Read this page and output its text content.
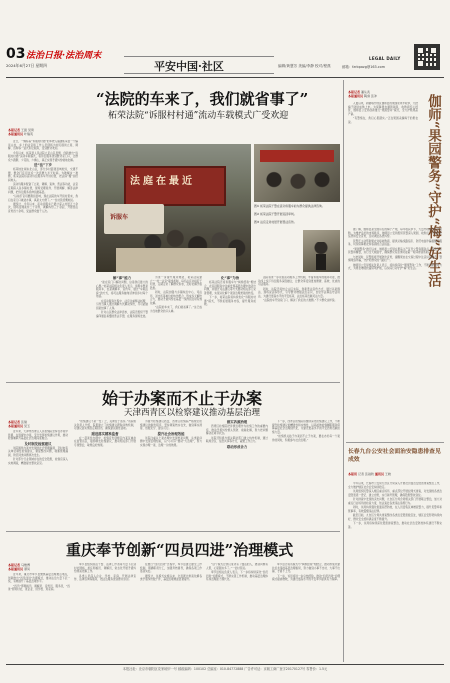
03 法治日报·法治周末
2024年6月27日 星期四	平安中国·社区	编辑/黄慧芳 美编/李静 校对/程燕
LEGAL DAILY
邮箱：fzrbpazg@163.com
“法院的车来了，我们就省事了”
柘荣法院“诉服村村通”流动车载模式广受欢迎
本报记者 王振 吴琦
本报通讯员 叶瑞英

近日，一辆标着“诉服村村通”的车驶入福建柘荣县一个偏远山村，车上的法官和工作人员现场为村民提供立案、调解、咨询等一站式诉讼服务，受到群众欢迎。

今年以来，柘荣县人民法院立足山区县情，创新推出“诉服村村通”流动车载模式，将诉讼服务送到群众家门口，让群众少跑腿、少花钱、少操心，真正实现矛盾纠纷就地化解。

送“法”下乡

柘荣地处闽东北山区，部分乡村距离县城较远，交通不便，群众打官司往返一次需要大半天时间。为破解这一难题，柘荣法院将流动诉讼服务车开进村居，把法庭“搬”到田间地头。

流动诉服车配备了立案、调解、查询、普法等功能，法官定期深入各乡镇村居，现场受理案件、开展调解、解答法律问题，把诉讼服务延伸到最基层。

“以前打官司要跑到县城，现在法院的车开到村里来，我们在家门口就能办事，真是太方便了。”一位村民感慨地说。

据统计，今年以来，流动诉服车已累计深入村居五十余次，现场受理案件二十余件，调解纠纷三十余起，开展普法宣传四十余场，受益群众数千人次。

法庭在最近
诉服车
图① 柘荣法院干警在流动诉服车前为群众提供法律咨询。
图② 柘荣法院干警开展巡回审判。
图③ 法官走进村居开展普法宣传。
解“事”能力

“能在家门口解决问题，这是我们最大的心愿。”柘荣法院相关负责人表示，诉服车既是服务车，也是调解车、宣传车，通过“车载法庭”的方式，将司法服务触角延伸到乡村每个角落。

在流动服务过程中，法官注重释法析理，引导当事人通过调解方式解决纠纷，尽可能做到案结事了人和。

针对山区群众法律需求，法院还组织干警编印通俗易懂的普法手册，在服务现场发放。

为进一步提升服务效能，柘荣法院建立“一村一法官”联络机制，每名法官对接若干村居，定期走访了解群众诉求，及时化解矛盾隐患。

同时，法院加强与乡镇综治中心、司法所、派出所等单位的协作配合，形成多元解纷合力，推动矛盾纠纷在基层一线得到及时有效化解。

“法院的车来了，我们就省事了。”这已成为当地群众的口头禅。

化“事”为治

柘荣法院还将诉服车与“枫桥经验”相结合，在巡回服务中注重发现基层治理中的突出问题，并通过司法建议等方式推动相关部门完善管理，实现从化解个案到治理类案的转变。

下一步，柘荣法院将持续优化“诉服村村通”模式，不断拓展服务内容，提升服务质效。

法院将进一步完善流动服务工作机制，丰富诉服车的服务功能，推动线上线下诉讼服务深度融合，让群众享受到更加便捷、高效、优质的司法服务。

同时，法院还将结合山区实际，创新普法宣传方式，通过以案释法、现场说法等形式，引导群众增强法治意识，自觉学法尊法守法用法，为建设更高水平的平安柘荣、法治柘荣贡献司法力量。

“法院的车开到家门口，解决了我们的大难题。”不少群众这样说。

始于办案而不止于办案
天津西青区以检察建议推动基层治理
本报记者 张驰
本报通讯员 吴玉

近年来，天津市西青区人民检察院坚持在办案中监督、在监督中办案，充分发挥检察建议作用，推动检察履职与基层社会治理深度融合。

及时制发检察建议

该院围绕办案中发现的社会管理漏洞，及时向有关单位制发检察建议，督促整改问题，堵塞管理漏洞，防范同类问题再次发生。

针对部分行业领域存在的安全隐患，检察官深入实地调查，精准提出整改意见。

“检察建议不是一发了之，关键在于落实。”该院相关负责人介绍，院里建立了检察建议跟踪问效机制，对建议落实情况定期回访，确保建议刚性落地。

跟进落实精准监督

在一起案件办理中，检察官发现辖区内某区域存在监管盲区，随即制发检察建议，推动相关部门开展专项整治，取得良好效果。

为提升检察建议质量，西青区检察院严格规范检察建议的制发程序，坚持调查核实在先，做到事实清楚、依据充分、建议可行。

提升社会治理效能

该院注重从个案办理中发现类案问题，从类案问题中发现治理短板，以“小切口”推动“大治理”，努力实现办理一案、治理一片的效果。

做实诉源治理

西青区检察院把诉源治理作为检察工作的重要内容，推动矛盾纠纷源头预防、前端化解，努力把问题解决在萌芽状态。

该院还积极与相关职能部门建立协作机制，通过联席会议、信息共享等方式，凝聚工作合力。

联动形成合力

下一步，西青区检察院将继续深化检察建议工作，不断提升检察建议的精准性和实效性，以高质效检察履职服务保障基层社会治理现代化，为建设更高水平的平安西青贡献检察力量。

“检察机关始于办案而不止于办案，要在办好每一个案件的同时，积极参与社会治理。”

重庆奉节创新“四员四进”治理模式
本报记者 马维博
本报通讯员 谭凤

近年来，重庆市奉节县聚焦基层治理难点堵点，创新推出“四员四进”治理模式，推动法治力量下沉一线，有效提升了基层治理水平。

“四员”即网格员、调解员、宣传员、服务员，“四进”即进村社、进企业、进学校、进家庭。

奉节县组织政法干警、法律工作者等力量下沉到村社网格，担任网格员、调解员，常态化开展矛盾纠纷排查化解工作。

各类人员深入企业、学校、家庭，开展法律宣传、法律咨询等服务，把法治服务送到群众身边。

在推行“四员四进”过程中，奉节县建立健全工作机制，明确职责分工，加强考核督导，确保各项工作落到实处。

据统计，该模式实施以来，全县累计排查化解各类矛盾纠纷数千件，基层治理效能显著提升。

“这个模式让我们身边有了懂法的人，遇到问题有人帮，心里踏实多了。”一位村民说。

奉节县相关负责人表示，下一步将持续深化“四员四进”治理模式，不断完善工作机制，推动基层治理体系和治理能力现代化。

奉节县还将该模式与“枫桥经验”相结合，推动形成共建共治共享的基层治理格局，努力做到小事不出村、大事不出镇、矛盾不上交。

下一步，该县将进一步总结经验，推动“四员四进”治理模式提质增效，为建设更高水平的平安奉节提供有力保障。

本报记者 潘从武
本报通讯员 陶睿 张冲	伽师“果园警务”守护“梅”好生活

入夏以来，新疆喀什地区伽师县的果园迎来丰收季，大批梅子陆续成熟上市。为保障果农顺利销售、收购商安心经营，伽师县公安局创新推行“果园警务”模式，全力护航果品产销。

“有警察在，我们心里踏实。”正在果园采摘梅子的果农说。

据了解，伽师县是全国有名的梅子产地，每年收获季节，大量外地客商前来收购。为维护良好的市场秩序，伽师县公安局组织民警深入果园、收购点，开展治安巡逻和安全宣传，及时调处各类纠纷。

民警还主动帮助果农对接收购商，提供运输线路指引、防范电信诈骗提醒等服务，切实保障果农和客商的合法权益。

“果园警务”推行以来，伽师县公安局在果品主产区设立警务服务点，配备专职民警和辅警，实行全天候值守，确保群众有需求时能第一时间得到帮助。

与此同时，民警积极开展防诈宣传，提醒果农在交易过程中注意识别假币、警惕网络诈骗，守护好群众的“钱袋子”。

伽师县公安局相关负责人表示，将持续深化“果园警务”工作，不断创新服务方式，为果农增收致富保驾护航，以实际行动守护“梅”好生活。

长春九台公安社会面治安隐患排查见成效
本报讯 记者 张淑秋 通讯员 王晓

今年以来，长春市公安局九台区分局深入开展社会面治安隐患排查整治工作，全力维护辖区社会治安持续稳定。

该局组织民警深入辖区重点场所、重点部位开展拉网式排查，对发现的各类治安隐患逐一登记、建立台账，实行销号管理，确保隐患整改到位。

针对排查中发现的突出问题，九台区分局会同相关部门开展联合整治，加大对重点行业场所的检查力度，依法查处各类违法违规行为。

同时，该局持续强化街面巡逻防控，在人员密集区域增派警力，提升见警率和管事率，有效震慑违法犯罪。

截至目前，九台区分局共排查整改各类治安隐患数百处，辖区治安形势持续向好，群众安全感和满意度不断提升。

下一步，该局将持续深化隐患排查整治，推动社会治安防控体系建设不断完善。

本报社址：北京市朝阳区花家地甲一号 邮政编码：100102 总编室：010-84772888 广告许可证：京朝工商广登字20170127号 零售价：1.5元
